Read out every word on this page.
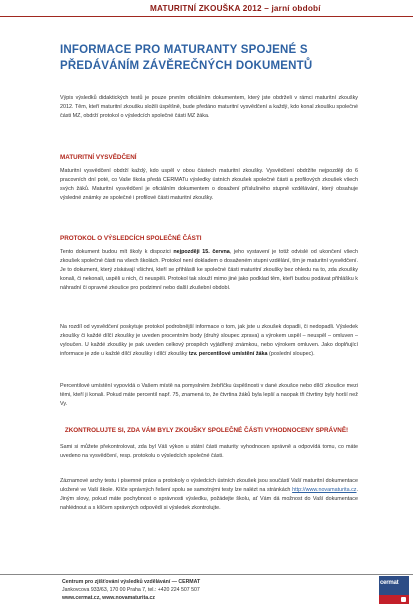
MATURITNÍ ZKOUŠKA 2012 – jarní období
INFORMACE PRO MATURANTY SPOJENÉ S PŘEDÁVÁNÍM ZÁVĚREČNÝCH DOKUMENTŮ
Výpis výsledků didaktických testů je pouze prvním oficiálním dokumentem, který jste obdrželi v rámci maturitní zkoušky 2012. Těm, kteří maturitní zkoušku složili úspěšně, bude předáno maturitní vysvědčení a každý, kdo konal zkoušku společné části MZ, obdrží protokol o výsledcích společné části MZ žáka.
MATURITNÍ VYSVĚDČENÍ
Maturitní vysvědčení obdrží každý, kdo uspěl v obou částech maturitní zkoušky. Vysvědčení obdržíte nejpozději do 6 pracovních dní poté, co Vaše škola předá CERMATu výsledky ústních zkoušek společné části a profilových zkoušek všech svých žáků. Maturitní vysvědčení je oficiálním dokumentem o dosažení příslušného stupně vzdělávání, který obsahuje výsledné známky ze společné i profilové části maturitní zkoušky.
PROTOKOL O VÝSLEDCÍCH SPOLEČNÉ ČÁSTI
Tento dokument budou mít školy k dispozici nejpozději 15. června, jeho vystavení je totiž odvislé od ukončení všech zkoušek společné části na všech školách. Protokol není dokladem o dosaženém stupni vzdělání, tím je maturitní vysvědčení. Je to dokument, který získávají všichni, kteří se přihlásili ke společné části maturitní zkoušky bez ohledu na to, zda zkoušky konali, či nekonali, uspěli u nich, či neuspěli. Protokol tak slouží mimo jiné jako podklad těm, kteří budou podávat přihlášku k náhradní či opravné zkoušce pro podzimní nebo další zkušební období.
Na rozdíl od vysvědčení poskytuje protokol podrobnější informace o tom, jak jste u zkoušek dopadli, či nedopadli. Výsledek zkoušky či každé dílčí zkoušky je uveden procentním body (druhý sloupec zprava) a výrokem uspěl – neuspěl – omluven – vyloučen. U každé zkoušky je pak uveden celkový prospěch vyjádřený známkou, nebo výrokem omluven. Jako doplňující informace je zde u každé dílčí zkoušky i dílčí zkoušky tzv. percentilové umístění žáka (poslední sloupec).
Percentilové umístění vypovídá o Vašem místě na pomyslném žebříčku úspěšnosti v dané zkoušce nebo dílčí zkoušce mezi těmi, kteří ji konali. Pokud máte percentil např. 75, znamená to, že čtvrtina žáků byla lepší a naopak tři čtvrtiny byly horší než Vy.
ZKONTROLUJTE SI, ZDA VÁM BYLY ZKOUŠKY SPOLEČNÉ ČÁSTI VYHODNOCENY SPRÁVNĚ!
Sami si můžete překontrolovat, zda byl Váš výkon u státní části maturity vyhodnocen správně a odpovídá tomu, co máte uvedeno na vysvědčení, resp. protokolu o výsledcích společné části.
Záznamové archy testu i písemné práce a protokoly o výsledcích ústních zkoušek jsou součástí Vaší maturitní dokumentace uložené ve Vaší škole. Klíče správných řešení spolu se samotnými testy lze nalézt na stránkách http://www.novamaturita.cz. Jiným slovy, pokud máte pochybnost o správnosti výsledku, požádejte školu, ať Vám dá možnost do Vaší dokumentace nahlédnout a s klíčem správných odpovědí si výsledek zkontrolujte.
Centrum pro zjišťování výsledků vzdělávání — CERMAT
Jankovcova 933/63, 170 00 Praha 7, tel.: +420 224 507 507
www.cermat.cz, www.novamaturita.cz
cermat
